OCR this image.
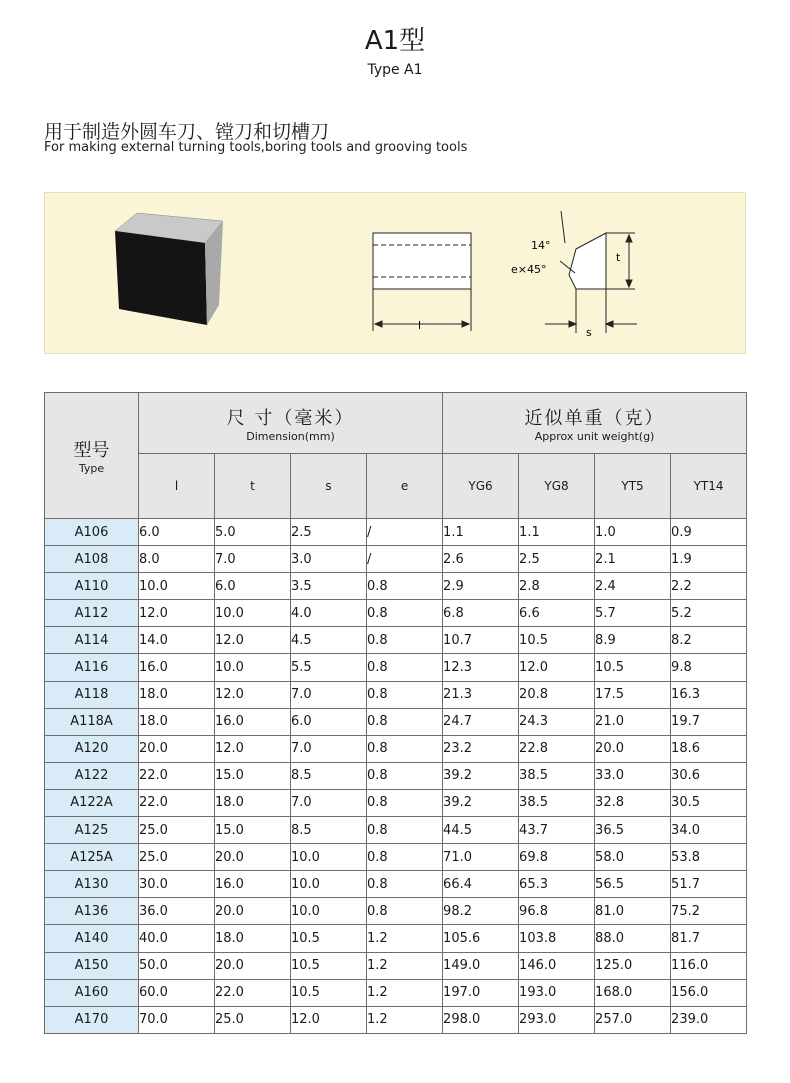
A1型
Type A1
用于制造外圆车刀、镗刀和切槽刀
For making external turning tools,boring tools and grooving tools
l
14°
e×45°
t
s
型号
Type	尺 寸（毫米）
Dimension(mm)				近似单重（克）
Approx unit weight(g)			

	l	t	s	e	YG6	YG8	YT5	YT14
A106	6.0	5.0	2.5	/	1.1	1.1	1.0	0.9
A108	8.0	7.0	3.0	/	2.6	2.5	2.1	1.9
A110	10.0	6.0	3.5	0.8	2.9	2.8	2.4	2.2
A112	12.0	10.0	4.0	0.8	6.8	6.6	5.7	5.2
A114	14.0	12.0	4.5	0.8	10.7	10.5	8.9	8.2
A116	16.0	10.0	5.5	0.8	12.3	12.0	10.5	9.8
A118	18.0	12.0	7.0	0.8	21.3	20.8	17.5	16.3
A118A	18.0	16.0	6.0	0.8	24.7	24.3	21.0	19.7
A120	20.0	12.0	7.0	0.8	23.2	22.8	20.0	18.6
A122	22.0	15.0	8.5	0.8	39.2	38.5	33.0	30.6
A122A	22.0	18.0	7.0	0.8	39.2	38.5	32.8	30.5
A125	25.0	15.0	8.5	0.8	44.5	43.7	36.5	34.0
A125A	25.0	20.0	10.0	0.8	71.0	69.8	58.0	53.8
A130	30.0	16.0	10.0	0.8	66.4	65.3	56.5	51.7
A136	36.0	20.0	10.0	0.8	98.2	96.8	81.0	75.2
A140	40.0	18.0	10.5	1.2	105.6	103.8	88.0	81.7
A150	50.0	20.0	10.5	1.2	149.0	146.0	125.0	116.0
A160	60.0	22.0	10.5	1.2	197.0	193.0	168.0	156.0
A170	70.0	25.0	12.0	1.2	298.0	293.0	257.0	239.0
